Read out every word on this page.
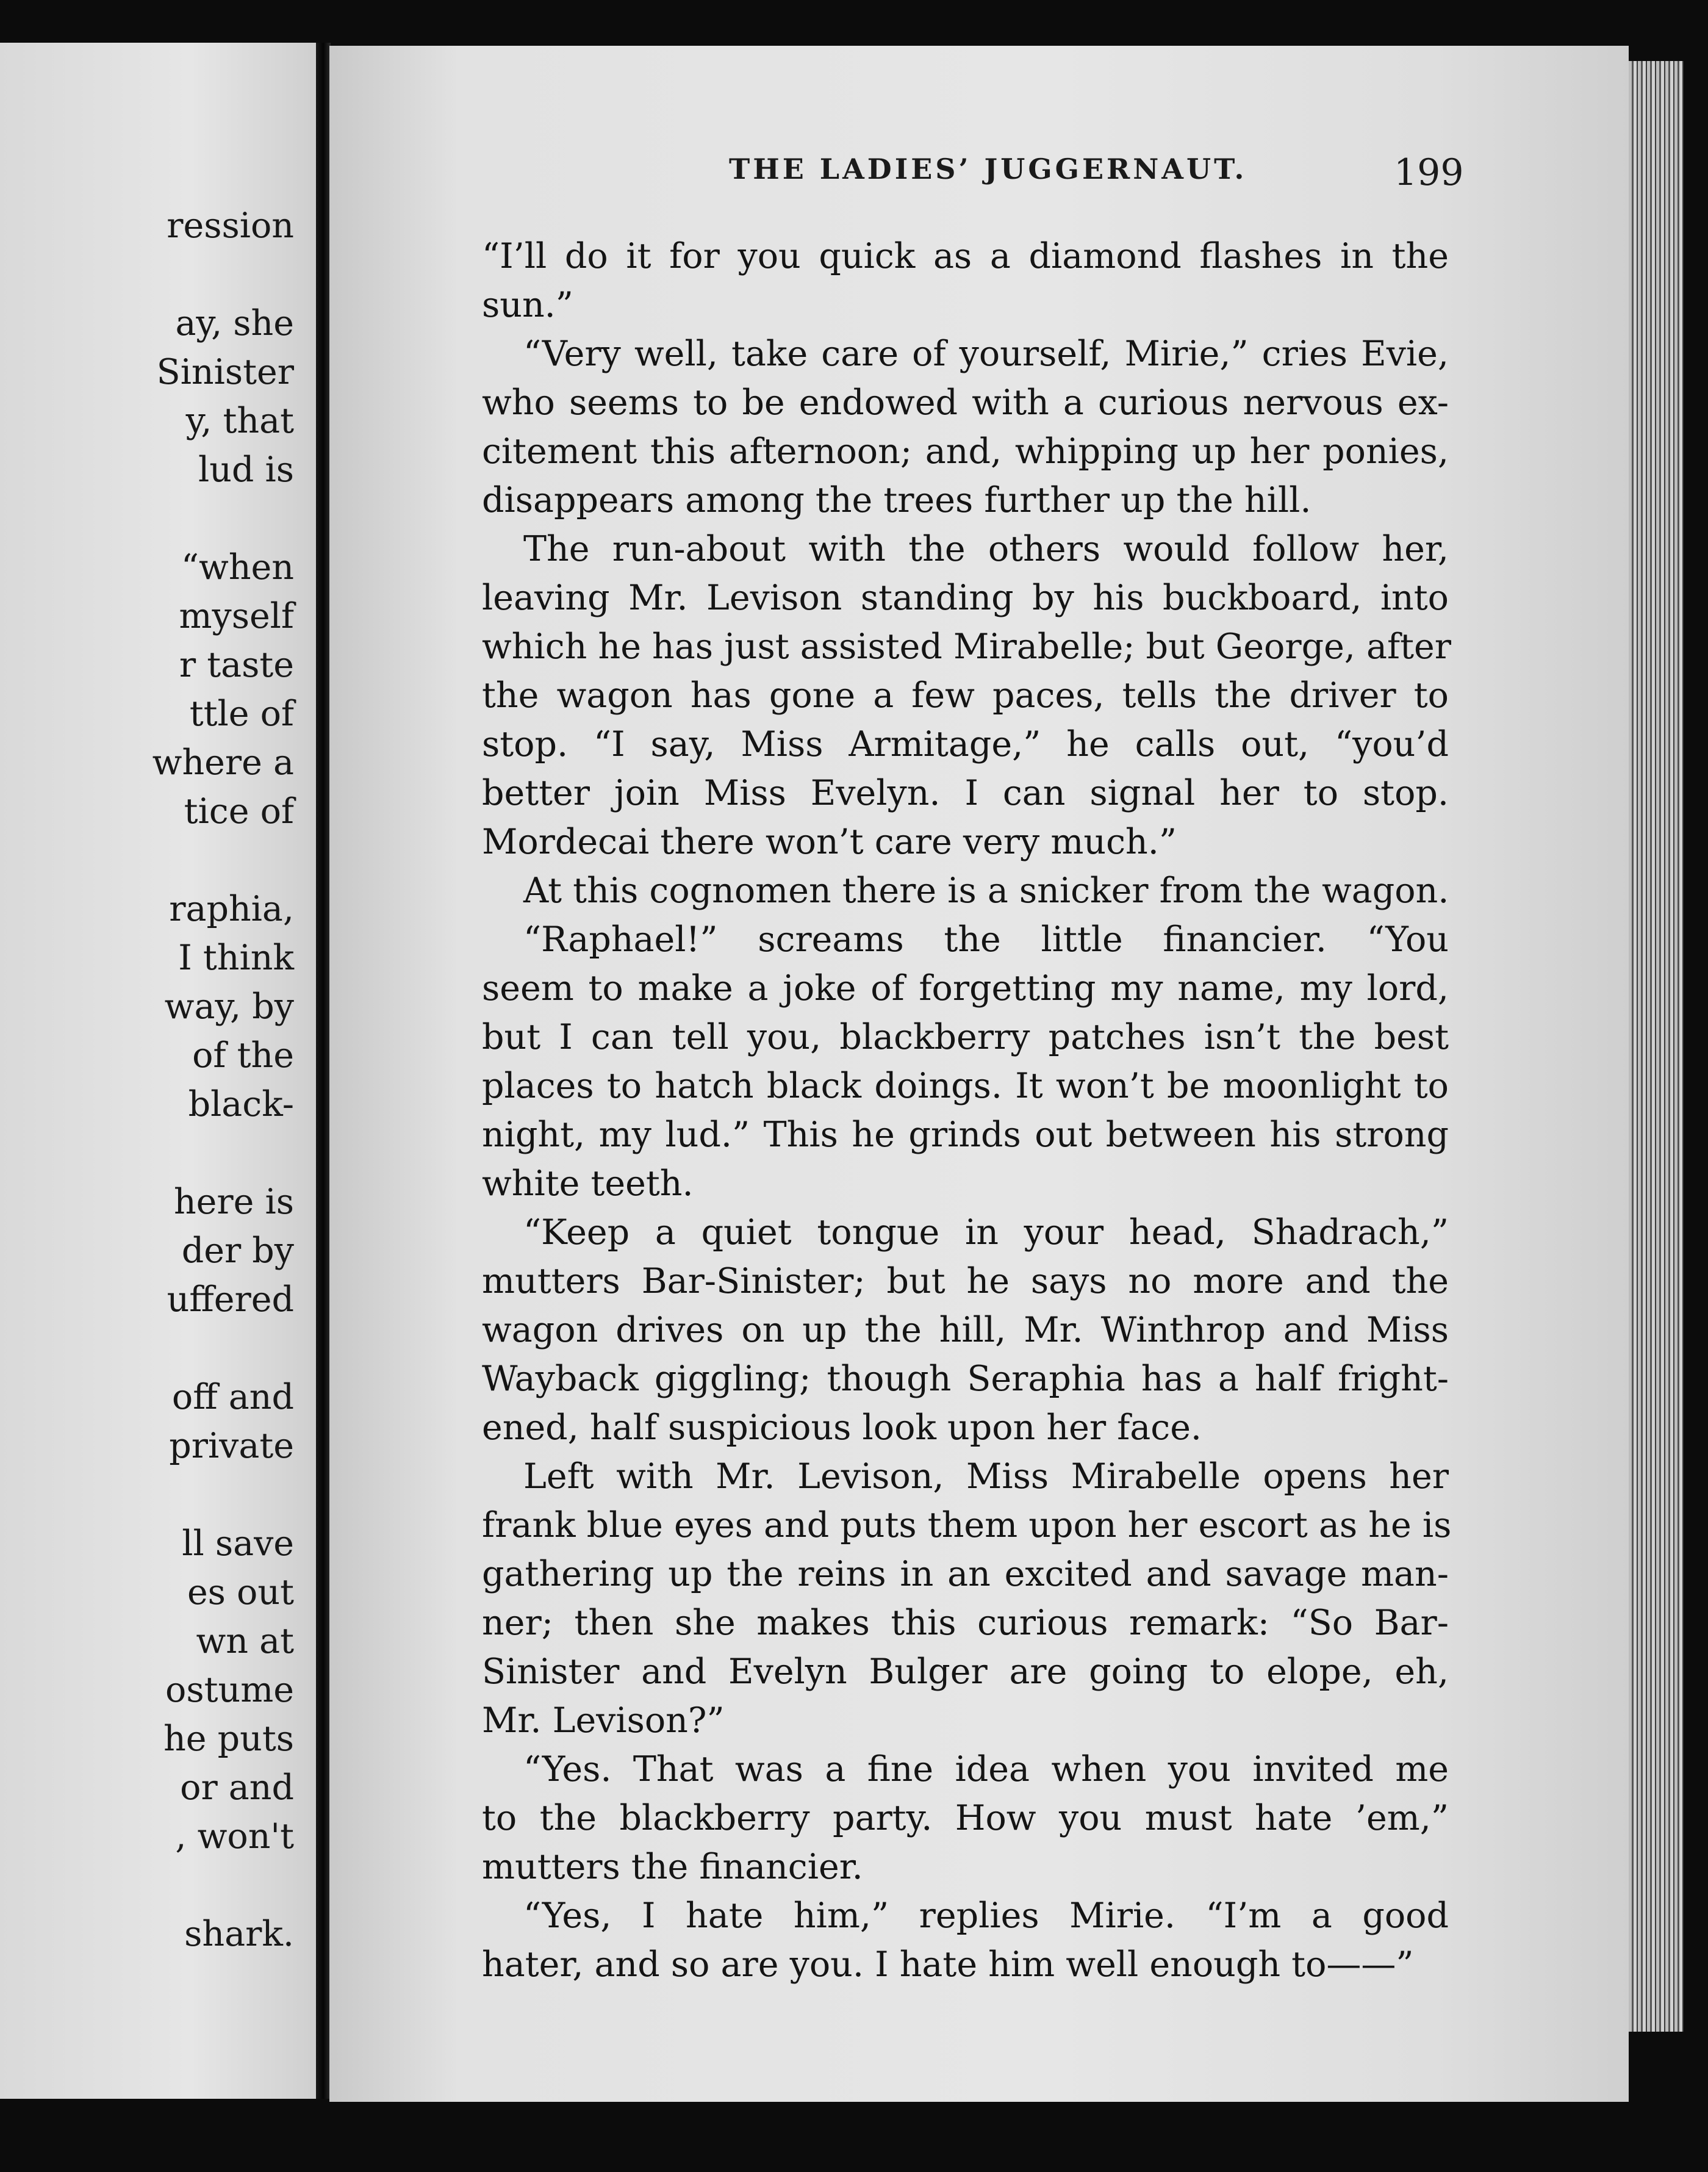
ression
ay, she
Sinister
y, that
lud is
“when
myself
r taste
ttle of
where a
tice of
raphia,
I think
way, by
of the
black-
here is
der by
uffered
off and
private
ll save
es out
wn at
ostume
he puts
or and
, won't
shark.
THE LADIES’ JUGGERNAUT.	199
“I’ll do it for you quick as a diamond flashes in the
sun.”
“Very well, take care of yourself, Mirie,” cries Evie,
who seems to be endowed with a curious nervous ex-
citement this afternoon; and, whipping up her ponies,
disappears among the trees further up the hill.
The run-about with the others would follow her,
leaving Mr. Levison standing by his buckboard, into
which he has just assisted Mirabelle; but George, after
the wagon has gone a few paces, tells the driver to
stop. “I say, Miss Armitage,” he calls out, “you’d
better join Miss Evelyn. I can signal her to stop.
Mordecai there won’t care very much.”
At this cognomen there is a snicker from the wagon.
“Raphael!” screams the little financier. “You
seem to make a joke of forgetting my name, my lord,
but I can tell you, blackberry patches isn’t the best
places to hatch black doings. It won’t be moonlight to
night, my lud.” This he grinds out between his strong
white teeth.
“Keep a quiet tongue in your head, Shadrach,”
mutters Bar-Sinister; but he says no more and the
wagon drives on up the hill, Mr. Winthrop and Miss
Wayback giggling; though Seraphia has a half fright-
ened, half suspicious look upon her face.
Left with Mr. Levison, Miss Mirabelle opens her
frank blue eyes and puts them upon her escort as he is
gathering up the reins in an excited and savage man-
ner; then she makes this curious remark: “So Bar-
Sinister and Evelyn Bulger are going to elope, eh,
Mr. Levison?”
“Yes. That was a fine idea when you invited me
to the blackberry party. How you must hate ’em,”
mutters the financier.
“Yes, I hate him,” replies Mirie. “I’m a good
hater, and so are you. I hate him well enough to——”
